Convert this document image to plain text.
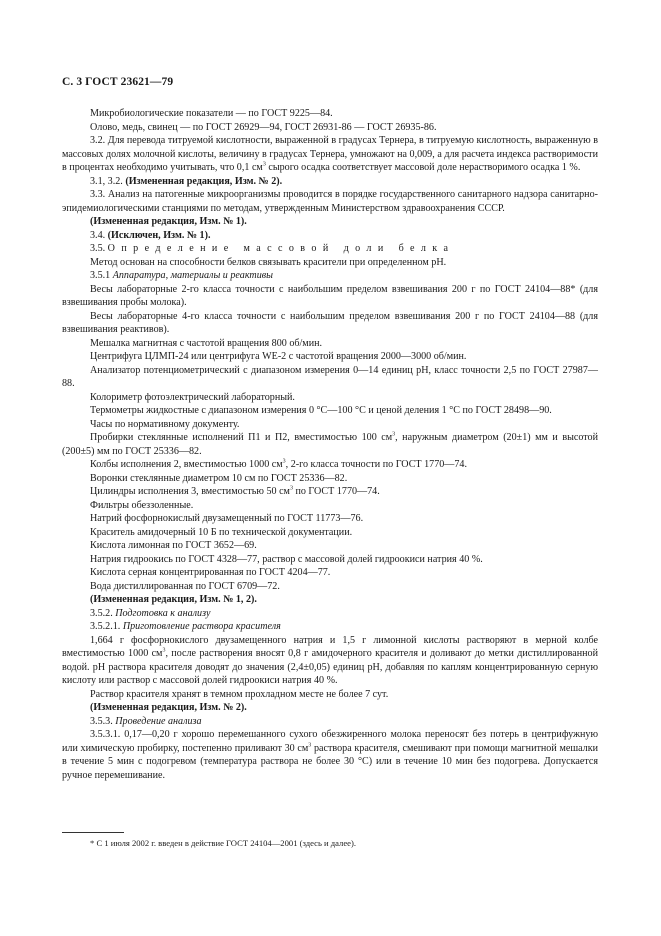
С. 3 ГОСТ 23621—79

Микробиологические показатели — по ГОСТ 9225—84.

Олово, медь, свинец — по ГОСТ 26929—94, ГОСТ 26931-86 — ГОСТ 26935-86.

3.2. Для перевода титруемой кислотности, выраженной в градусах Тернера, в титруемую кислотность, выраженную в массовых долях молочной кислоты, величину в градусах Тернера, умножают на 0,009, а для расчета индекса растворимости в процентах необходимо учитывать, что 0,1 $см^3$ сырого осадка соответствует массовой доле нерастворимого осадка 1 %.

3.1, 3.2. (Измененная редакция, Изм. № 2).

3.3. Анализ на патогенные микроорганизмы проводится в порядке государственного санитарного надзора санитарно-эпидемиологическими станциями по методам, утвержденным Министерством здравоохранения СССР.

(Измененная редакция, Изм. № 1).

3.4. (Исключен, Изм. № 1).

3.5. Определение массовой доли белка

Метод основан на способности белков связывать красители при определенном pH.

3.5.1 Аппаратура, материалы и реактивы

Весы лабораторные 2-го класса точности с наибольшим пределом взвешивания 200 г по ГОСТ 24104—88* (для взвешивания пробы молока).

Весы лабораторные 4-го класса точности с наибольшим пределом взвешивания 200 г по ГОСТ 24104—88 (для взвешивания реактивов).

Мешалка магнитная с частотой вращения 800 об/мин.

Центрифуга ЦЛМП-24 или центрифуга WE-2 с частотой вращения 2000—3000 об/мин.

Анализатор потенциометрический с диапазоном измерения 0—14 единиц pH, класс точности 2,5 по ГОСТ 27987—88.

Колориметр фотоэлектрический лабораторный.

Термометры жидкостные с диапазоном измерения 0 °С—100 °С и ценой деления 1 °С по ГОСТ 28498—90.

Часы по нормативному документу.

Пробирки стеклянные исполнений П1 и П2, вместимостью 100 $см^3$, наружным диаметром (20±1) мм и высотой (200±5) мм по ГОСТ 25336—82.

Колбы исполнения 2, вместимостью 1000 $см^3$, 2-го класса точности по ГОСТ 1770—74.

Воронки стеклянные диаметром 10 см по ГОСТ 25336—82.

Цилиндры исполнения 3, вместимостью 50 $см^3$ по ГОСТ 1770—74.

Фильтры обеззоленные.

Натрий фосфорнокислый двузамещенный по ГОСТ 11773—76.

Краситель амидочерный 10 Б по технической документации.

Кислота лимонная по ГОСТ 3652—69.

Натрия гидроокись по ГОСТ 4328—77, раствор с массовой долей гидроокиси натрия 40 %.

Кислота серная концентрированная по ГОСТ 4204—77.

Вода дистиллированная по ГОСТ 6709—72.

(Измененная редакция, Изм. № 1, 2).

3.5.2. Подготовка к анализу

3.5.2.1. Приготовление раствора красителя

1,664 г фосфорнокислого двузамещенного натрия и 1,5 г лимонной кислоты растворяют в мерной колбе вместимостью 1000 $см^3$, после растворения вносят 0,8 г амидочерного красителя и доливают до метки дистиллированной водой. pH раствора красителя доводят до значения (2,4±0,05) единиц pH, добавляя по каплям концентрированную серную кислоту или раствор с массовой долей гидроокиси натрия 40 %.

Раствор красителя хранят в темном прохладном месте не более 7 сут.

(Измененная редакция, Изм. № 2).

3.5.3. Проведение анализа

3.5.3.1. 0,17—0,20 г хорошо перемешанного сухого обезжиренного молока переносят без потерь в центрифужную или химическую пробирку, постепенно приливают 30 $см^3$ раствора красителя, смешивают при помощи магнитной мешалки в течение 5 мин с подогревом (температура раствора не более 30 °С) или в течение 10 мин без подогрева. Допускается ручное перемешивание.

* С 1 июля 2002 г. введен в действие ГОСТ 24104—2001 (здесь и далее).
